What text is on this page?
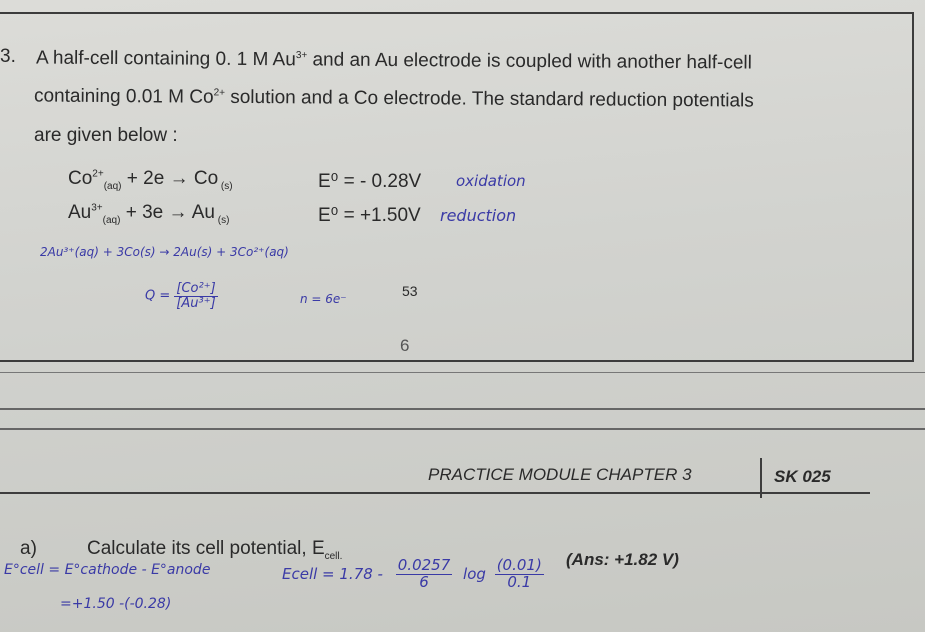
3. A half-cell containing 0. 1 M $Au^{3+}$ and an Au electrode is coupled with another half-cell
containing 0.01 M $Co^{2+}$ solution and a Co electrode. The standard reduction potentials
are given below :
$Co^{2+}_{(aq)} + 2e \to Co$ $_{(s)}$	E⁰ = - 0.28V oxidation
$Au^{3+}_{(aq)} + 3e \to Au$ $_{(s)}$	E⁰ = +1.50V reduction
2Au³⁺(aq) + 3Co(s) → 2Au(s) + 3Co²⁺(aq)
$Q = \frac{\text{[Co²⁺]}}{\text{[Au³⁺]}}$	n = 6e⁻	53
6
PRACTICE MODULE CHAPTER 3	SK 025
a)	Calculate its cell potential, $E_{cell.}$	(Ans: +1.82 V)
E°cell = E°cathode - E°anode	Ecell = $1.78 - \frac{0.0257}{6}$ $\log \frac{(0.01)}{0.1}$
=+1.50 -(-0.28)
